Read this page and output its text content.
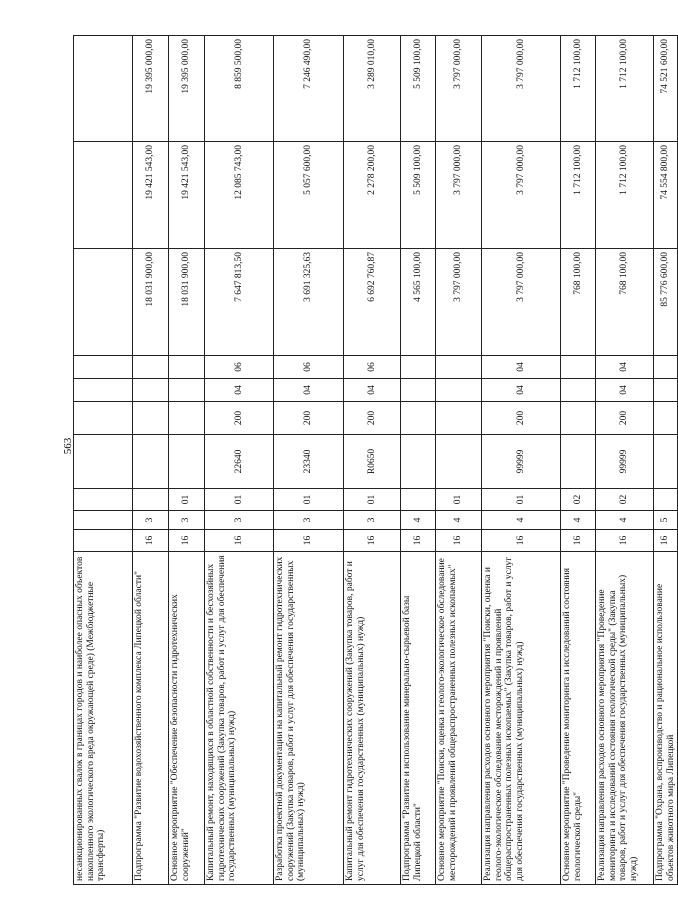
563
несанкционированных свалок в границах городов и наиболее опасных объектов накопленного экологического вреда окружающей среде) (Межбюджетные трансферты)										
Подпрограмма "Развитие водохозяйственного комплекса Липецкой области"	16	3						18 031 900,00	19 421 543,00	19 395 000,00
Основное мероприятие "Обеспечение безопасности гидротехнических сооружений"	16	3	01					18 031 900,00	19 421 543,00	19 395 000,00
Капитальный ремонт, находящихся в областной собственности и бесхозяйных гидротехнических сооружений (Закупка товаров, работ и услуг для обеспечения государственных (муниципальных) нужд)	16	3	01	22640	200	04	06	7 647 813,50	12 085 743,00	8 859 500,00
Разработка проектной документации на капитальный ремонт гидротехнических сооружений (Закупка товаров, работ и услуг для обеспечения государственных (муниципальных) нужд)	16	3	01	23340	200	04	06	3 691 325,63	5 057 600,00	7 246 490,00
Капитальный ремонт гидротехнических сооружений (Закупка товаров, работ и услуг для обеспечения государственных (муниципальных) нужд)	16	3	01	R0650	200	04	06	6 692 760,87	2 278 200,00	3 289 010,00
Подпрограмма "Развитие и использование минерально-сырьевой базы Липецкой области"	16	4						4 565 100,00	5 509 100,00	5 509 100,00
Основное мероприятие "Поиски, оценка и геолого-экологическое обследование месторождений и проявлений общераспространенных полезных ископаемых"	16	4	01					3 797 000,00	3 797 000,00	3 797 000,00
Реализация направления расходов основного мероприятия "Поиски, оценка и геолого-экологическое обследование месторождений и проявлений общераспространенных полезных ископаемых" (Закупка товаров, работ и услуг для обеспечения государственных (муниципальных) нужд)	16	4	01	99999	200	04	04	3 797 000,00	3 797 000,00	3 797 000,00
Основное мероприятие "Проведение мониторинга и исследований состояния геологической среды"	16	4	02					768 100,00	1 712 100,00	1 712 100,00
Реализация направления расходов основного мероприятия "Проведение мониторинга и исследований состояния геологической среды" (Закупка товаров, работ и услуг для обеспечения государственных (муниципальных) нужд)	16	4	02	99999	200	04	04	768 100,00	1 712 100,00	1 712 100,00
Подпрограмма "Охрана, воспроизводство и рациональное использование объектов животного мира Липецкой	16	5						85 776 600,00	74 554 800,00	74 521 600,00
